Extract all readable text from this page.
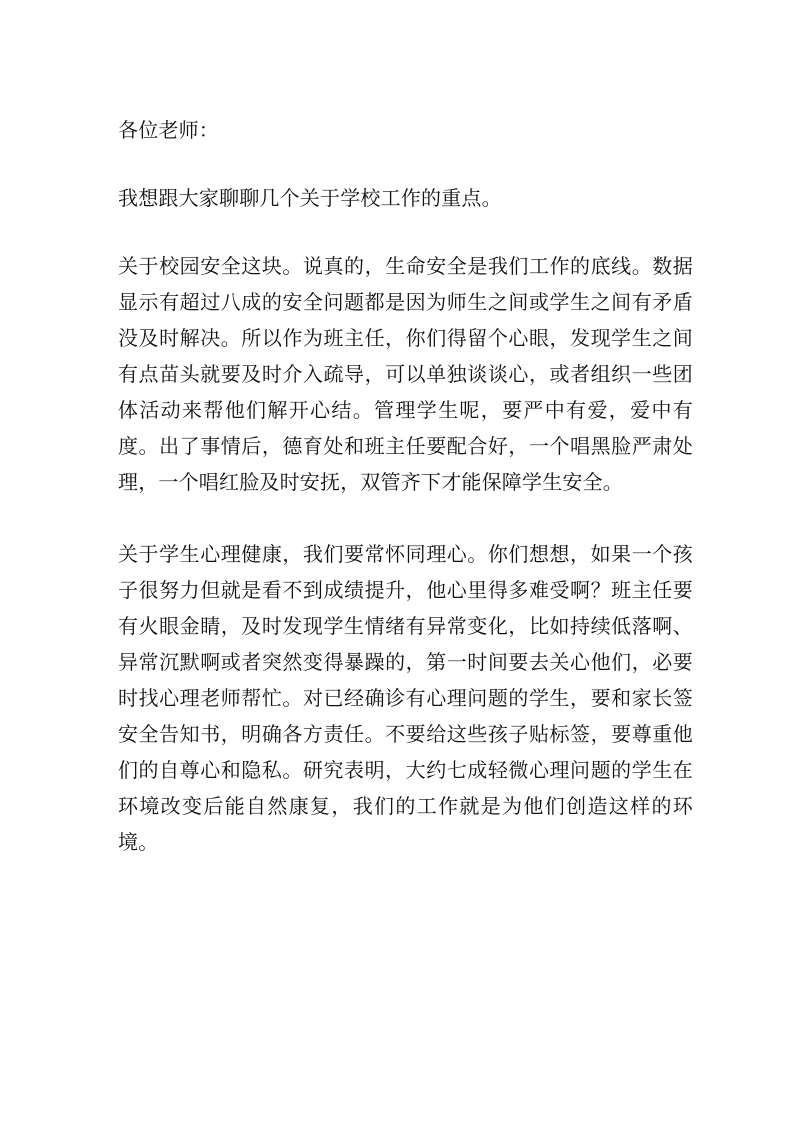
各位老师：

我想跟大家聊聊几个关于学校工作的重点。

关于校园安全这块。说真的，生命安全是我们工作的底线。数据显示有超过八成的安全问题都是因为师生之间或学生之间有矛盾没及时解决。所以作为班主任，你们得留个心眼，发现学生之间有点苗头就要及时介入疏导，可以单独谈谈心，或者组织一些团体活动来帮他们解开心结。管理学生呢，要严中有爱，爱中有度。出了事情后，德育处和班主任要配合好，一个唱黑脸严肃处理，一个唱红脸及时安抚，双管齐下才能保障学生安全。

关于学生心理健康，我们要常怀同理心。你们想想，如果一个孩子很努力但就是看不到成绩提升，他心里得多难受啊？班主任要有火眼金睛，及时发现学生情绪有异常变化，比如持续低落啊、异常沉默啊或者突然变得暴躁的，第一时间要去关心他们，必要时找心理老师帮忙。对已经确诊有心理问题的学生，要和家长签安全告知书，明确各方责任。不要给这些孩子贴标签，要尊重他们的自尊心和隐私。研究表明，大约七成轻微心理问题的学生在环境改变后能自然康复，我们的工作就是为他们创造这样的环境。
